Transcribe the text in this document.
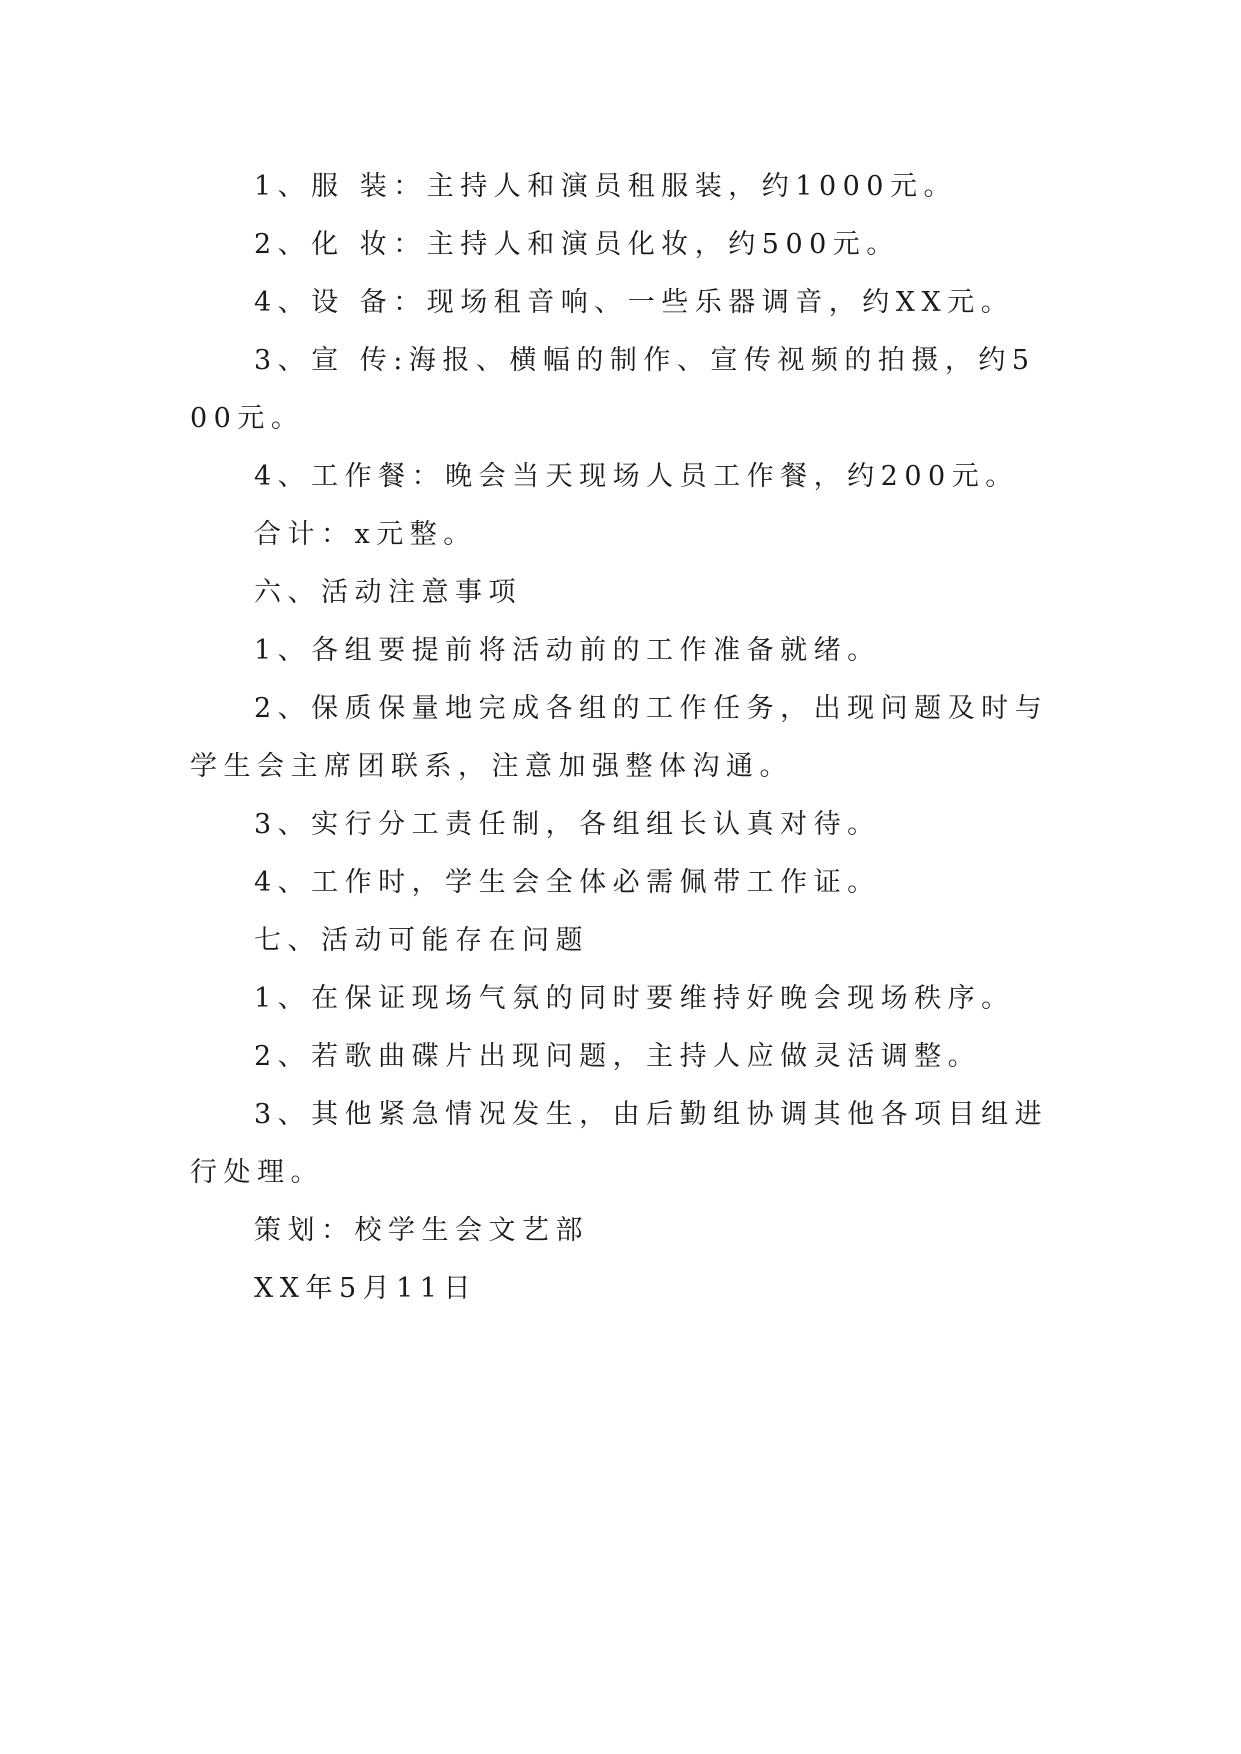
1、服 装：主持人和演员租服装，约1000元。

2、化 妆：主持人和演员化妆，约500元。

4、设 备：现场租音响、一些乐器调音，约XX元。

3、宣 传:海报、横幅的制作、宣传视频的拍摄，约500元。

4、工作餐：晚会当天现场人员工作餐，约200元。

合计：x元整。

六、活动注意事项

1、各组要提前将活动前的工作准备就绪。

2、保质保量地完成各组的工作任务，出现问题及时与学生会主席团联系，注意加强整体沟通。

3、实行分工责任制，各组组长认真对待。

4、工作时，学生会全体必需佩带工作证。

七、活动可能存在问题

1、在保证现场气氛的同时要维持好晚会现场秩序。

2、若歌曲碟片出现问题，主持人应做灵活调整。

3、其他紧急情况发生，由后勤组协调其他各项目组进行处理。

策划：校学生会文艺部

XX年5月11日
